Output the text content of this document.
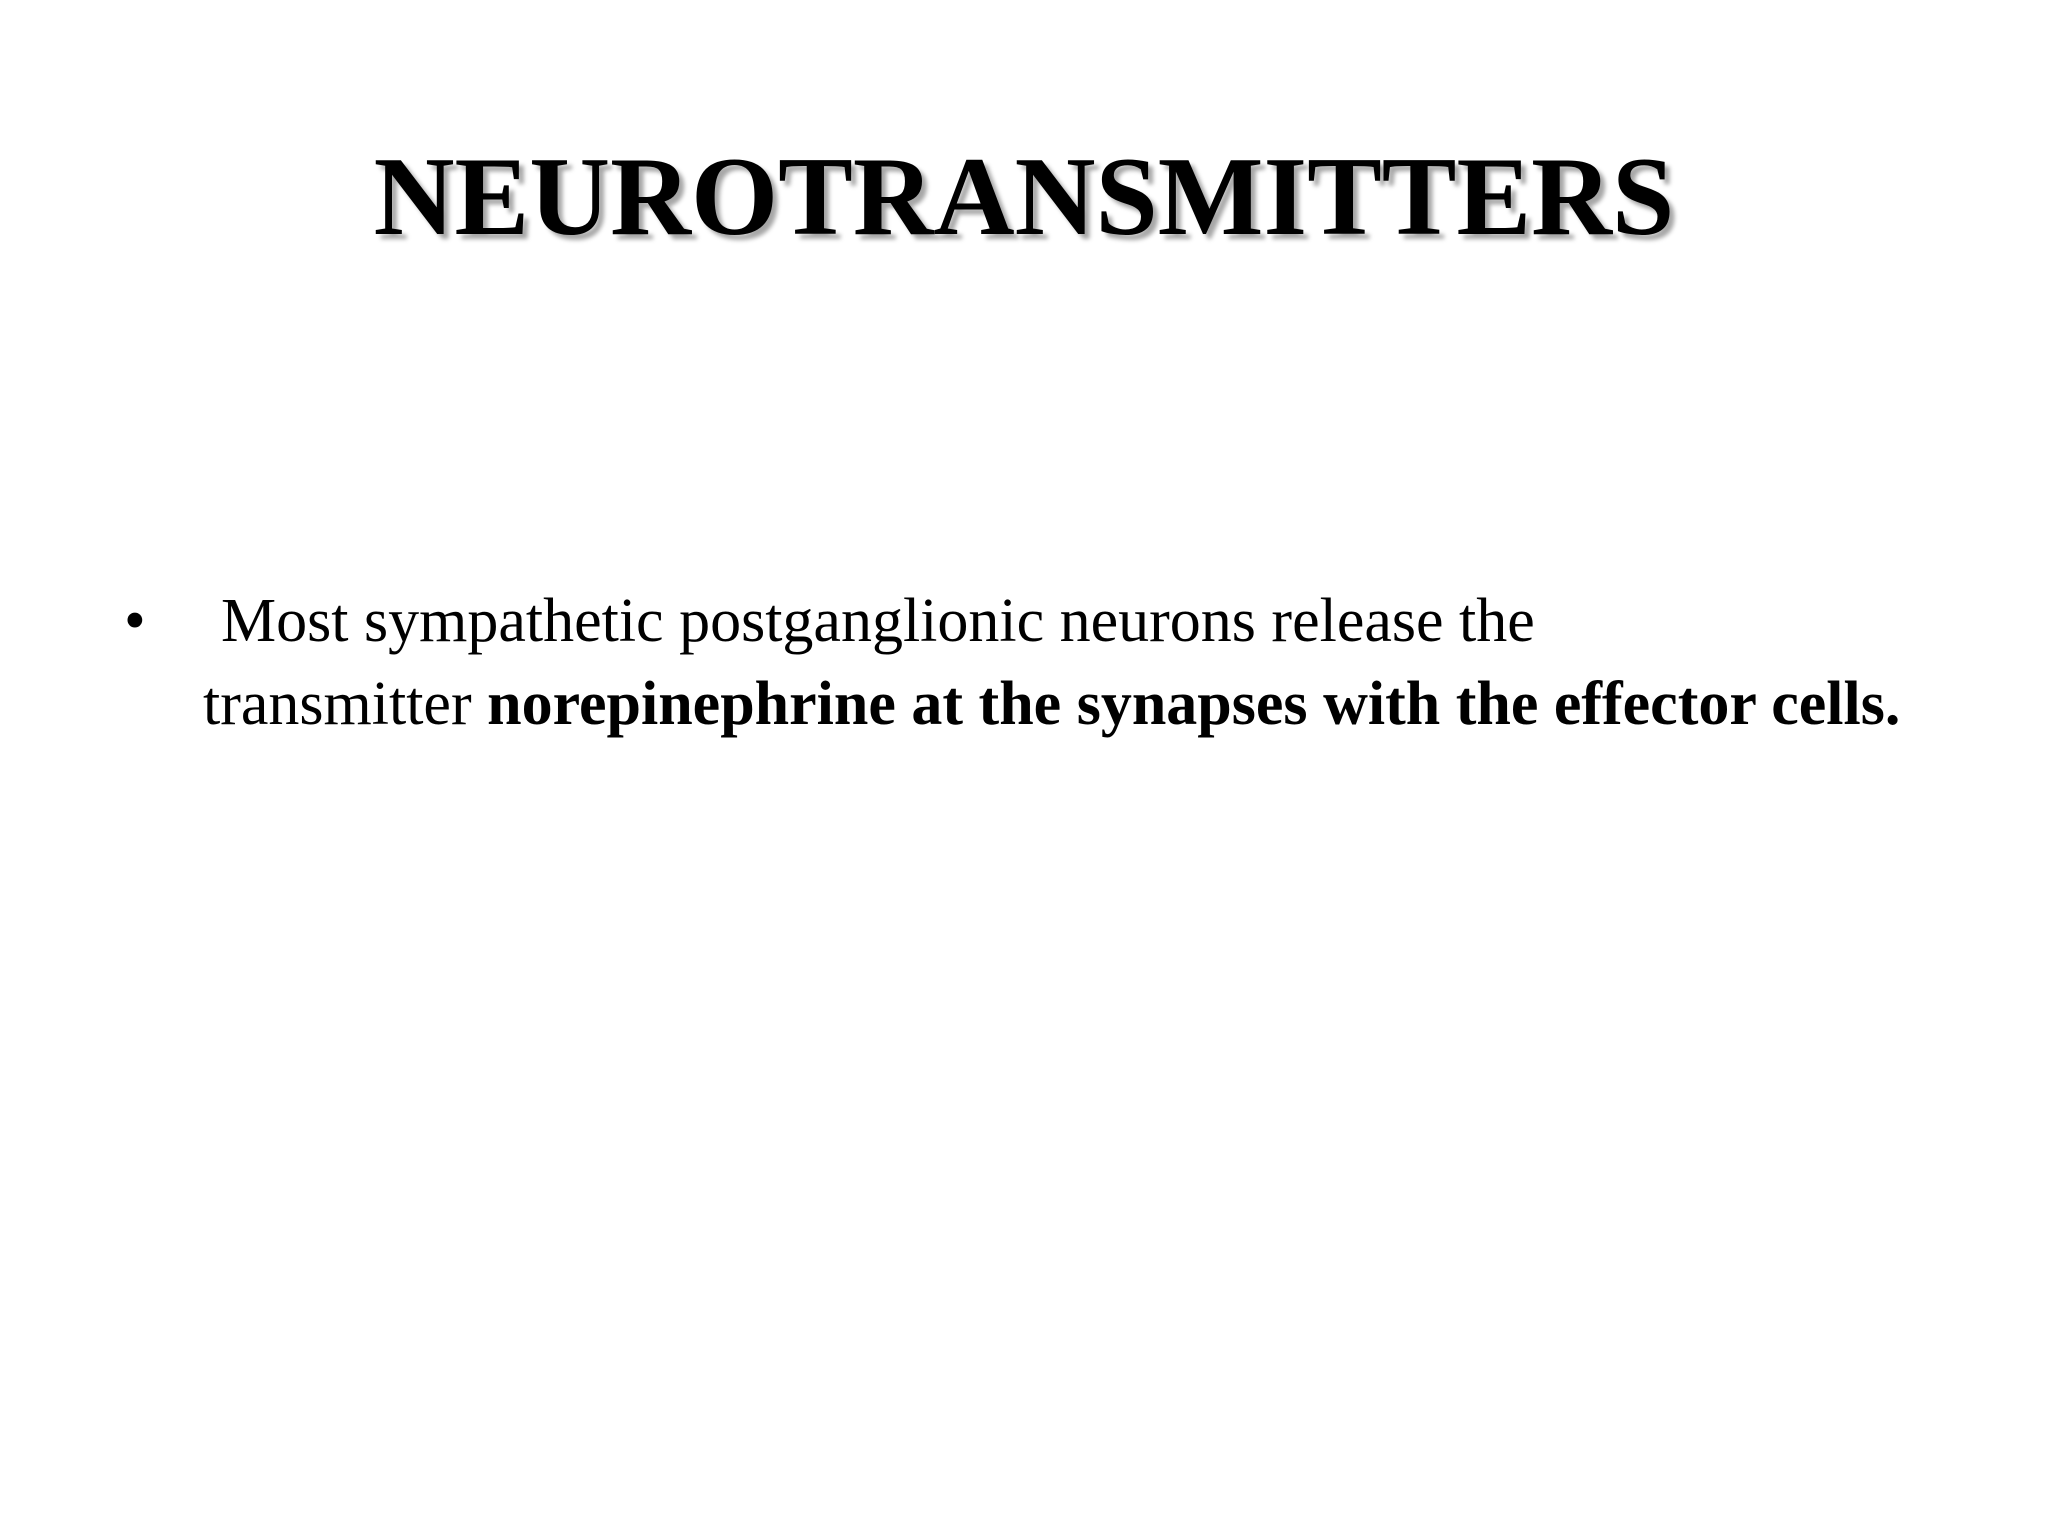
NEUROTRANSMITTERS
• Most sympathetic postganglionic neurons release the
transmitter norepinephrine at the synapses with the effector cells.
